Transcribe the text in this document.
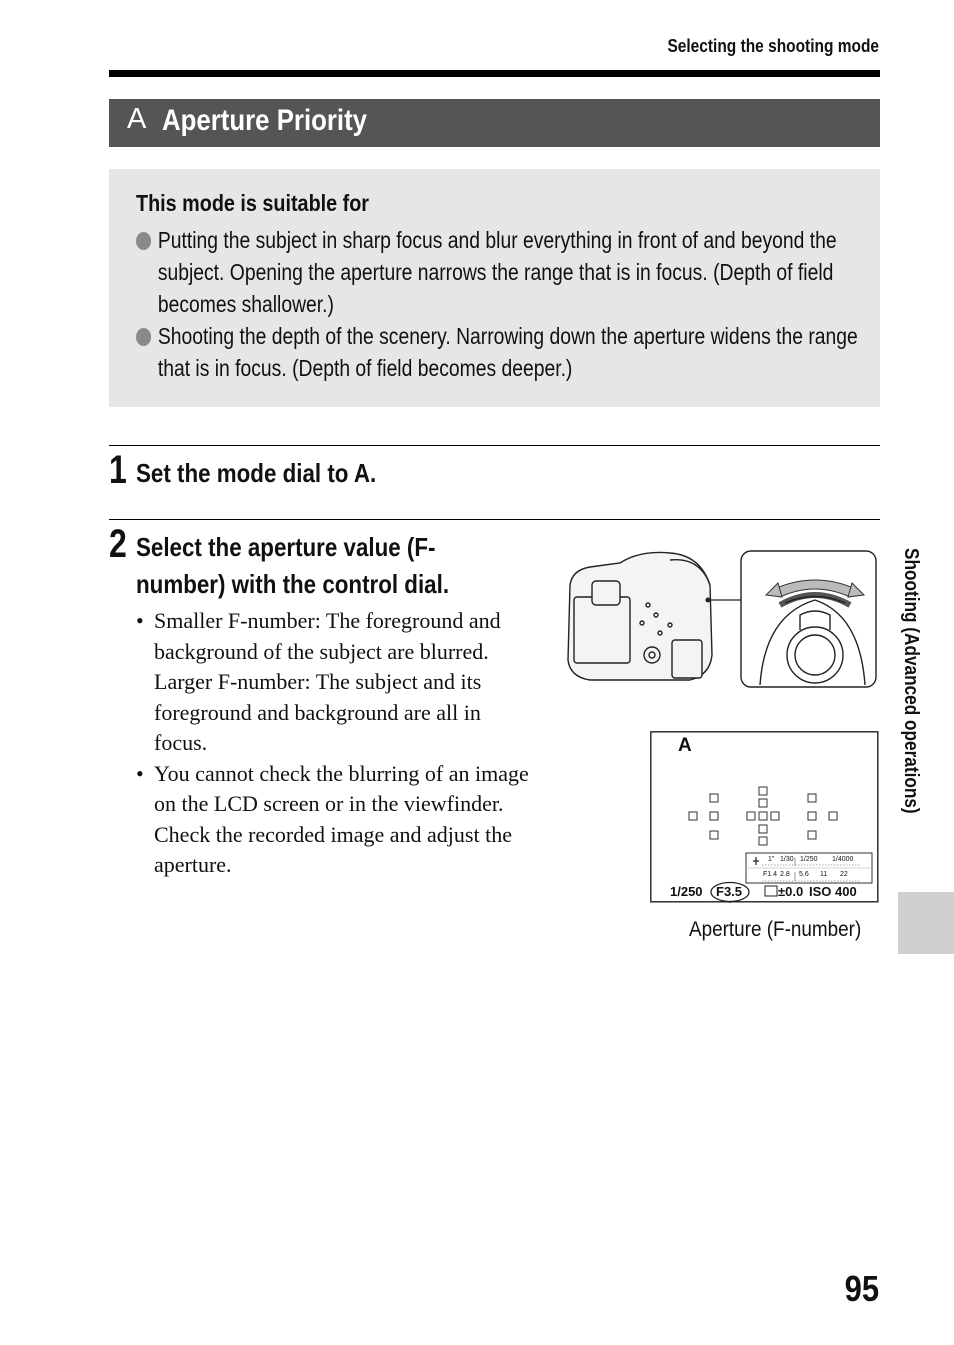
Selecting the shooting mode
A Aperture Priority
This mode is suitable for
Putting the subject in sharp focus and blur everything in front of and beyond the subject. Opening the aperture narrows the range that is in focus. (Depth of field becomes shallower.)
Shooting the depth of the scenery. Narrowing down the aperture widens the range that is in focus. (Depth of field becomes deeper.)
1 Set the mode dial to A.
2 Select the aperture value (F-
number) with the control dial.

• Smaller F-number: The foreground and background of the subject are blurred. Larger F-number: The subject and its foreground and background are all in focus.

• You cannot check the blurring of an image on the LCD screen or in the viewfinder. Check the recorded image and adjust the aperture.

A
1" 1/30 1/250 1/4000
F1.4 2.8 5.6 11 22
1/250 F3.5	±0.0 ISO 400
Aperture (F-number)
Shooting (Advanced operations)
95
